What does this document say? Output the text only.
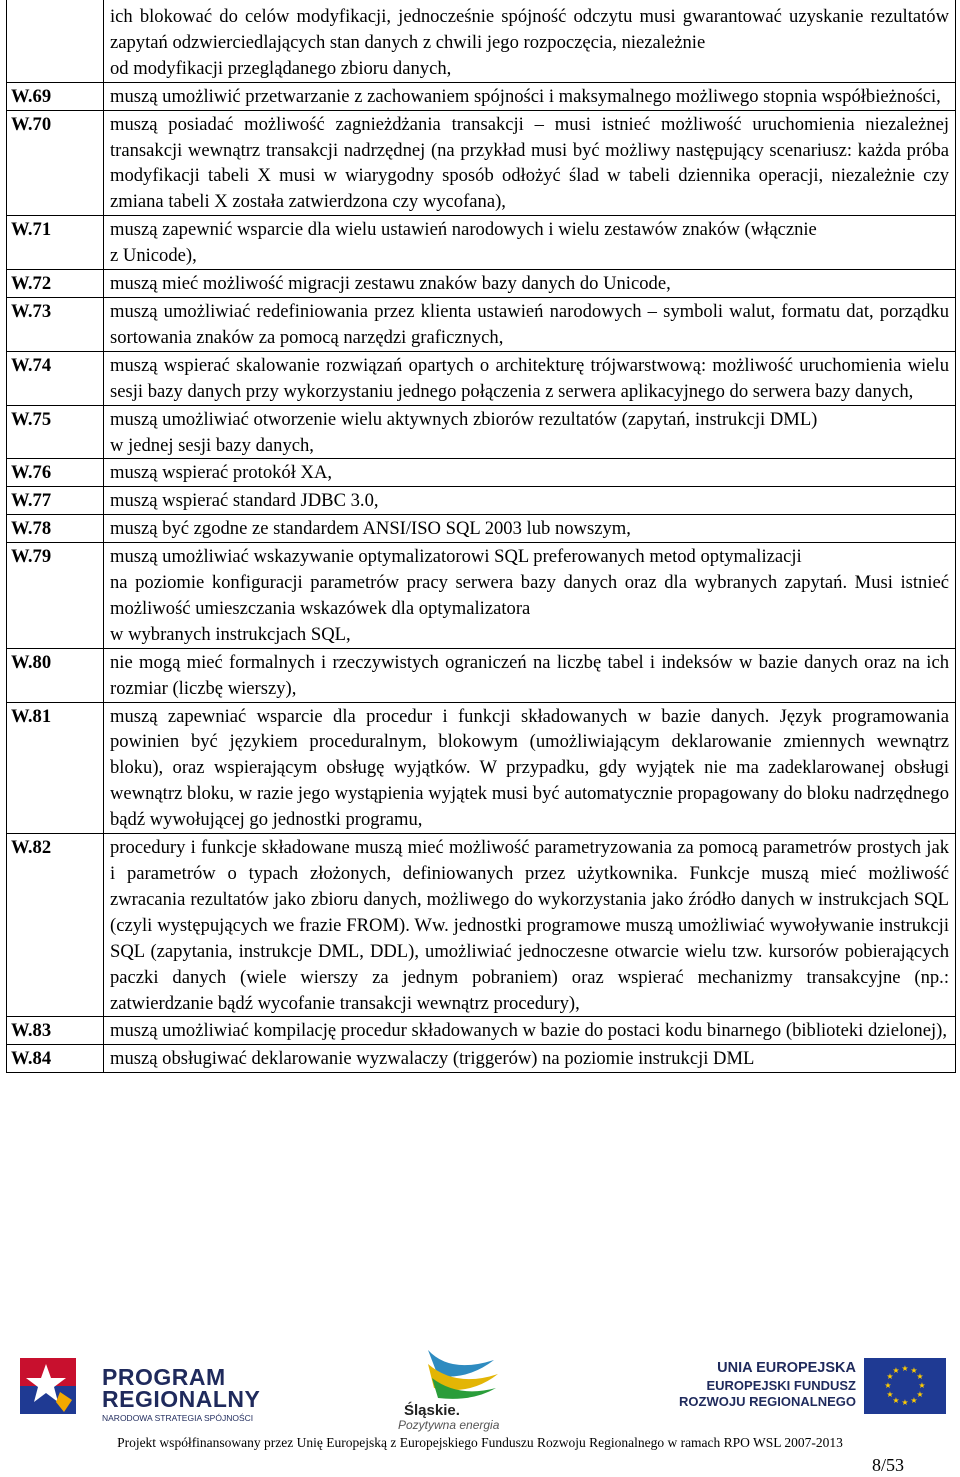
	ich blokować do celów modyfikacji, jednocześnie spójność odczytu musi gwarantować uzyskanie rezultatów zapytań odzwierciedlających stan danych z chwili jego rozpoczęcia, niezależnie
od modyfikacji przeglądanego zbioru danych,

W.69	muszą umożliwić przetwarzanie z zachowaniem spójności i maksymalnego możliwego stopnia współbieżności,

W.70	muszą posiadać możliwość zagnieżdżania transakcji – musi istnieć możliwość uruchomienia niezależnej transakcji wewnątrz transakcji nadrzędnej (na przykład musi być możliwy następujący scenariusz: każda próba modyfikacji tabeli X musi w wiarygodny sposób odłożyć ślad w tabeli dziennika operacji, niezależnie czy zmiana tabeli X została zatwierdzona czy wycofana),

W.71	muszą zapewnić wsparcie dla wielu ustawień narodowych i wielu zestawów znaków (włącznie
z Unicode),

W.72	muszą mieć możliwość migracji zestawu znaków bazy danych do Unicode,

W.73	muszą umożliwiać redefiniowania przez klienta ustawień narodowych – symboli walut, formatu dat, porządku sortowania znaków za pomocą narzędzi graficznych,

W.74	muszą wspierać skalowanie rozwiązań opartych o architekturę trójwarstwową: możliwość uruchomienia wielu sesji bazy danych przy wykorzystaniu jednego połączenia z serwera aplikacyjnego do serwera bazy danych,

W.75	muszą umożliwiać otworzenie wielu aktywnych zbiorów rezultatów (zapytań, instrukcji DML)
w jednej sesji bazy danych,

W.76	muszą wspierać protokół XA,

W.77	muszą wspierać standard JDBC 3.0,

W.78	muszą być zgodne ze standardem ANSI/ISO SQL 2003 lub nowszym,

W.79	muszą umożliwiać wskazywanie optymalizatorowi SQL preferowanych metod optymalizacji
na poziomie konfiguracji parametrów pracy serwera bazy danych oraz dla wybranych zapytań. Musi istnieć możliwość umieszczania wskazówek dla optymalizatora
w wybranych instrukcjach SQL,

W.80	nie mogą mieć formalnych i rzeczywistych ograniczeń na liczbę tabel i indeksów w bazie danych oraz na ich rozmiar (liczbę wierszy),

W.81	muszą zapewniać wsparcie dla procedur i funkcji składowanych w bazie danych. Język programowania powinien być językiem proceduralnym, blokowym (umożliwiającym deklarowanie zmiennych wewnątrz bloku), oraz wspierającym obsługę wyjątków. W przypadku, gdy wyjątek nie ma zadeklarowanej obsługi wewnątrz bloku, w razie jego wystąpienia wyjątek musi być automatycznie propagowany do bloku nadrzędnego bądź wywołującej go jednostki programu,

W.82	procedury i funkcje składowane muszą mieć możliwość parametryzowania za pomocą parametrów prostych jak i parametrów o typach złożonych, definiowanych przez użytkownika. Funkcje muszą mieć możliwość zwracania rezultatów jako zbioru danych, możliwego do wykorzystania jako źródło danych w instrukcjach SQL (czyli występujących we frazie FROM). Ww. jednostki programowe muszą umożliwiać wywoływanie instrukcji SQL (zapytania, instrukcje DML, DDL), umożliwiać jednoczesne otwarcie wielu tzw. kursorów pobierających paczki danych (wiele wierszy za jednym pobraniem) oraz wspierać mechanizmy transakcyjne (np.: zatwierdzanie bądź wycofanie transakcji wewnątrz procedury),

W.83	muszą umożliwiać kompilację procedur składowanych w bazie do postaci kodu binarnego (biblioteki dzielonej),

W.84	muszą obsługiwać deklarowanie wyzwalaczy (triggerów) na poziomie instrukcji DML
PROGRAM
REGIONALNY
NARODOWA STRATEGIA SPÓJNOŚCI	Śląskie.
Pozytywna energia
UNIA EUROPEJSKA
EUROPEJSKI FUNDUSZ
ROZWOJU REGIONALNEGO
★ ★
★
★
★
★
★
★
★
★
★
★
Projekt współfinansowany przez Unię Europejską z Europejskiego Funduszu Rozwoju Regionalnego w ramach RPO WSL 2007-2013
8/53
